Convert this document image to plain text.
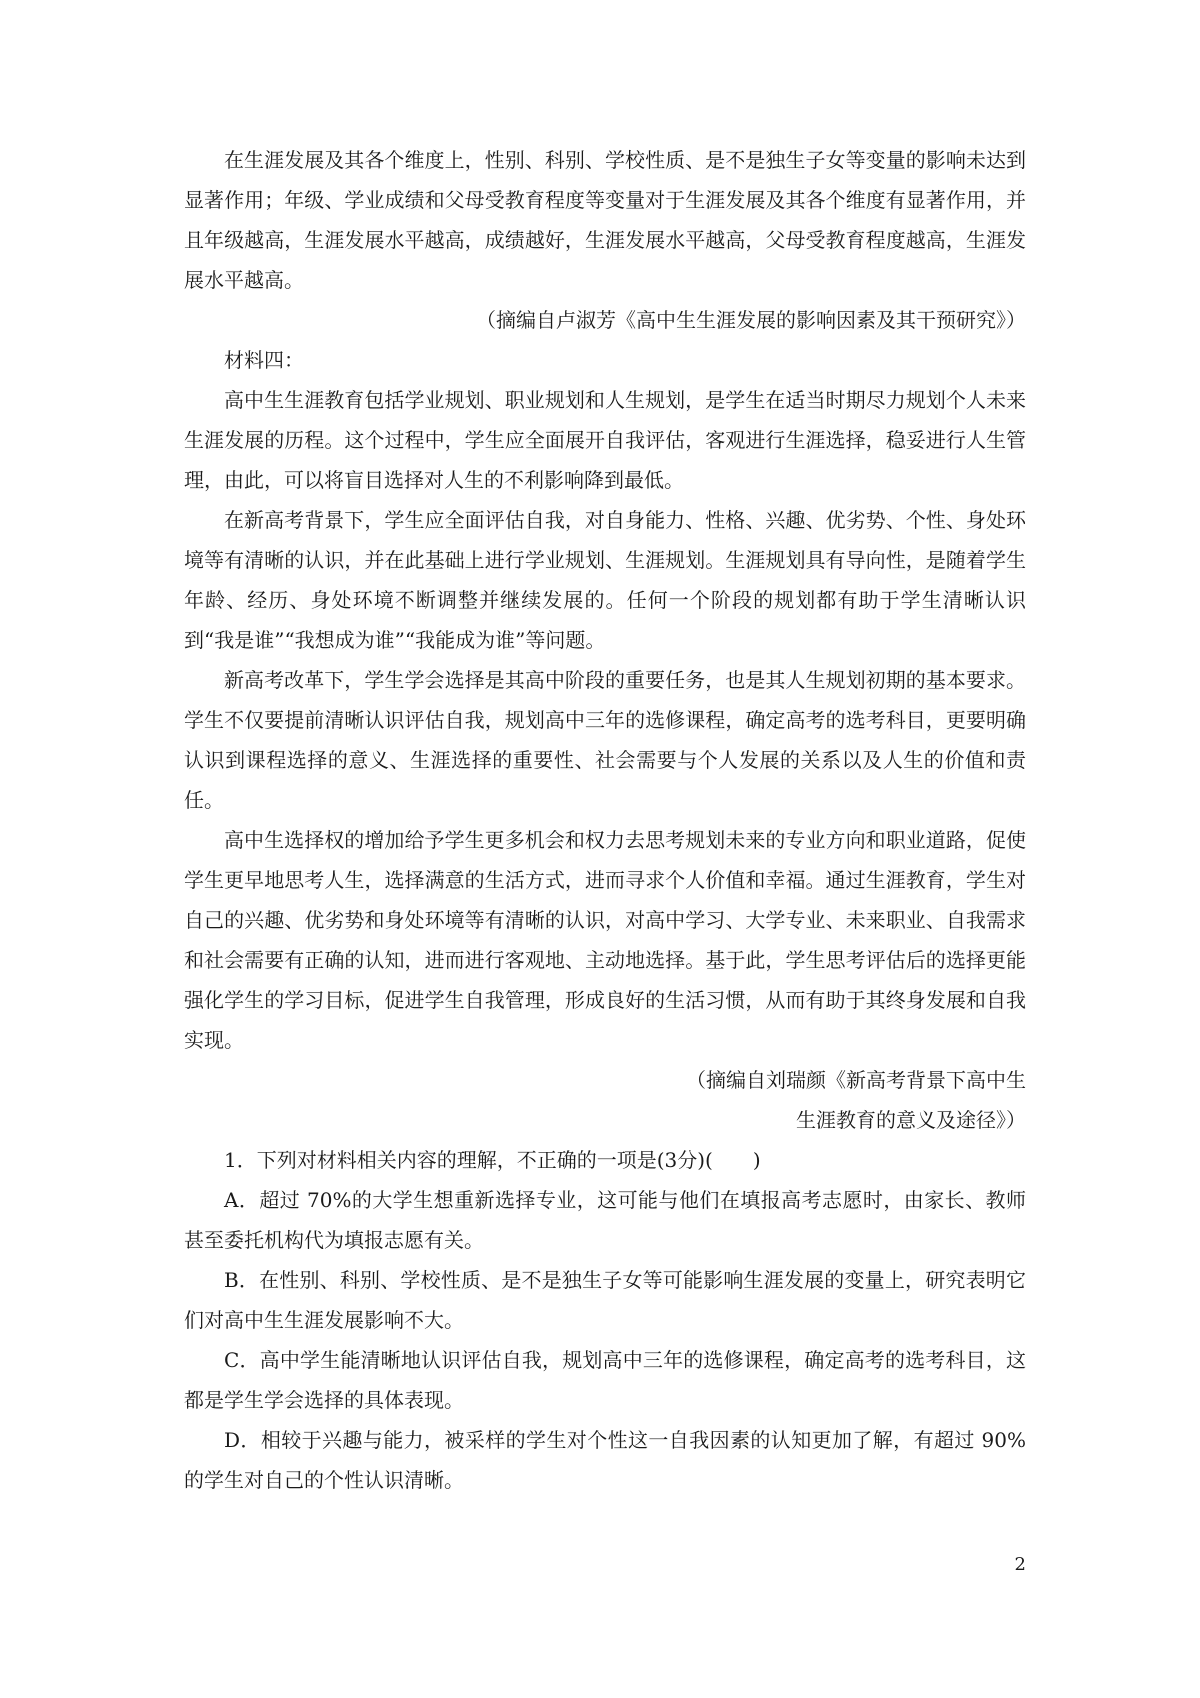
在生涯发展及其各个维度上，性别、科别、学校性质、是不是独生子女等变量的影响未达到显著作用；年级、学业成绩和父母受教育程度等变量对于生涯发展及其各个维度有显著作用，并且年级越高，生涯发展水平越高，成绩越好，生涯发展水平越高，父母受教育程度越高，生涯发展水平越高。

（摘编自卢淑芳《高中生生涯发展的影响因素及其干预研究》）

材料四：

高中生生涯教育包括学业规划、职业规划和人生规划，是学生在适当时期尽力规划个人未来生涯发展的历程。这个过程中，学生应全面展开自我评估，客观进行生涯选择，稳妥进行人生管理，由此，可以将盲目选择对人生的不利影响降到最低。

在新高考背景下，学生应全面评估自我，对自身能力、性格、兴趣、优劣势、个性、身处环境等有清晰的认识，并在此基础上进行学业规划、生涯规划。生涯规划具有导向性，是随着学生年龄、经历、身处环境不断调整并继续发展的。任何一个阶段的规划都有助于学生清晰认识到“我是谁”“我想成为谁”“我能成为谁”等问题。

新高考改革下，学生学会选择是其高中阶段的重要任务，也是其人生规划初期的基本要求。学生不仅要提前清晰认识评估自我，规划高中三年的选修课程，确定高考的选考科目，更要明确认识到课程选择的意义、生涯选择的重要性、社会需要与个人发展的关系以及人生的价值和责任。

高中生选择权的增加给予学生更多机会和权力去思考规划未来的专业方向和职业道路，促使学生更早地思考人生，选择满意的生活方式，进而寻求个人价值和幸福。通过生涯教育，学生对自己的兴趣、优劣势和身处环境等有清晰的认识，对高中学习、大学专业、未来职业、自我需求和社会需要有正确的认知，进而进行客观地、主动地选择。基于此，学生思考评估后的选择更能强化学生的学习目标，促进学生自我管理，形成良好的生活习惯，从而有助于其终身发展和自我实现。

（摘编自刘瑞颜《新高考背景下高中生

生涯教育的意义及途径》）

1．下列对材料相关内容的理解，不正确的一项是(3分)(　　)

A．超过 70%的大学生想重新选择专业，这可能与他们在填报高考志愿时，由家长、教师甚至委托机构代为填报志愿有关。

B．在性别、科别、学校性质、是不是独生子女等可能影响生涯发展的变量上，研究表明它们对高中生生涯发展影响不大。

C．高中学生能清晰地认识评估自我，规划高中三年的选修课程，确定高考的选考科目，这都是学生学会选择的具体表现。

D．相较于兴趣与能力，被采样的学生对个性这一自我因素的认知更加了解，有超过 90%的学生对自己的个性认识清晰。

2
